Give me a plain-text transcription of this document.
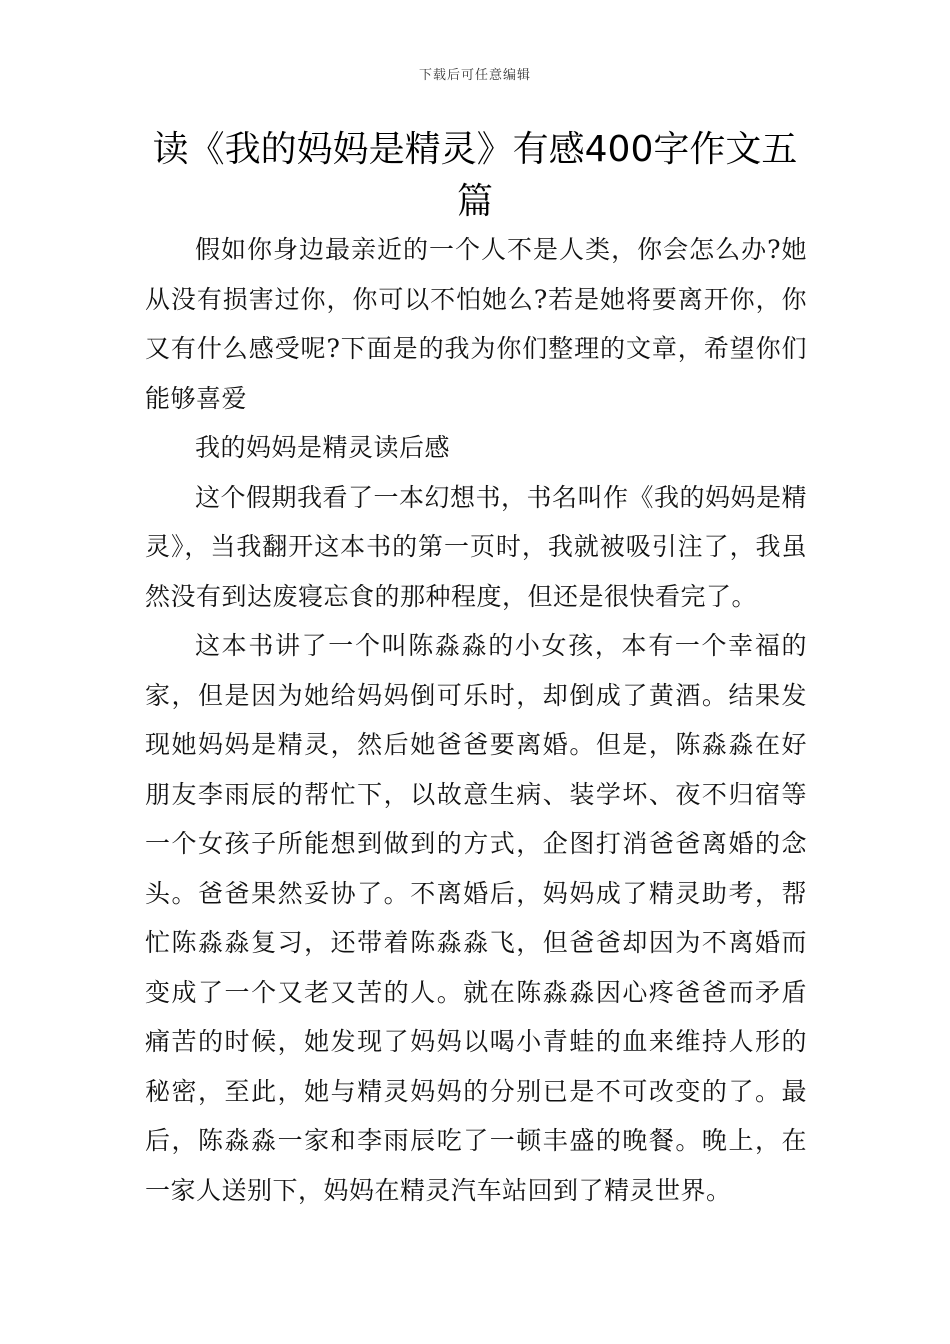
下载后可任意编辑
读《我的妈妈是精灵》有感400字作文五篇

假如你身边最亲近的一个人不是人类，你会怎么办?她从没有损害过你，你可以不怕她么?若是她将要离开你，你又有什么感受呢?下面是的我为你们整理的文章，希望你们能够喜爱

我的妈妈是精灵读后感

这个假期我看了一本幻想书，书名叫作《我的妈妈是精灵》，当我翻开这本书的第一页时，我就被吸引注了，我虽然没有到达废寝忘食的那种程度，但还是很快看完了。

这本书讲了一个叫陈淼淼的小女孩，本有一个幸福的家，但是因为她给妈妈倒可乐时，却倒成了黄酒。结果发现她妈妈是精灵，然后她爸爸要离婚。但是，陈淼淼在好朋友李雨辰的帮忙下，以故意生病、装学坏、夜不归宿等一个女孩子所能想到做到的方式，企图打消爸爸离婚的念头。爸爸果然妥协了。不离婚后，妈妈成了精灵助考，帮忙陈淼淼复习，还带着陈淼淼飞，但爸爸却因为不离婚而变成了一个又老又苦的人。就在陈淼淼因心疼爸爸而矛盾痛苦的时候，她发现了妈妈以喝小青蛙的血来维持人形的秘密，至此，她与精灵妈妈的分别已是不可改变的了。最后，陈淼淼一家和李雨辰吃了一顿丰盛的晚餐。晚上，在一家人送别下，妈妈在精灵汽车站回到了精灵世界。
